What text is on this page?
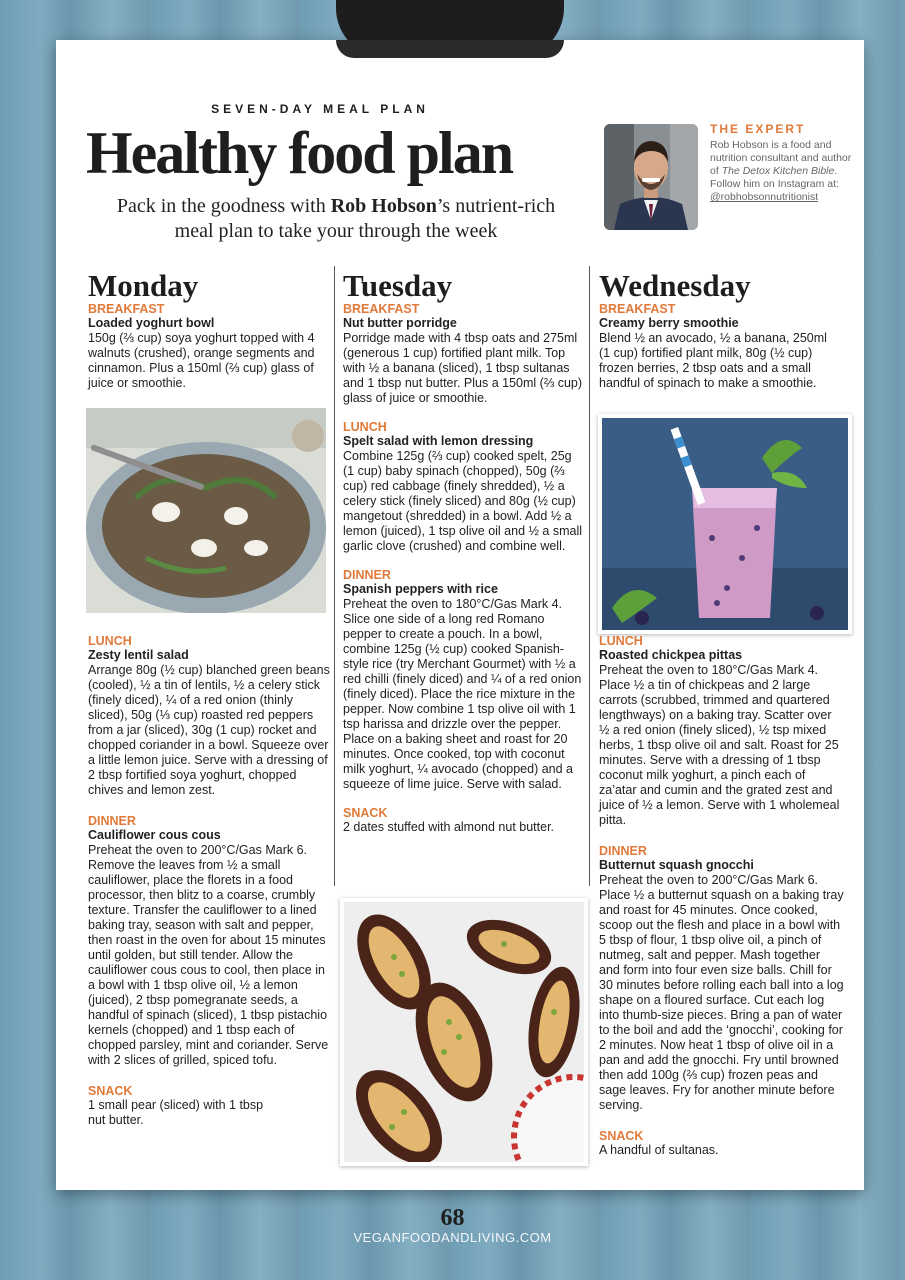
SEVEN-DAY MEAL PLAN
Healthy food plan
Pack in the goodness with Rob Hobson’s nutrient-rich meal plan to take your through the week
THE EXPERT
Rob Hobson is a food and nutrition consultant and author of The Detox Kitchen Bible. Follow him on Instagram at:
@robhobsonnutritionist
Monday
BREAKFAST
Loaded yoghurt bowl
150g (⅔ cup) soya yoghurt topped with 4 walnuts (crushed), orange segments and cinnamon. Plus a 150ml (⅔ cup) glass of juice or smoothie.
LUNCH
Zesty lentil salad
Arrange 80g (½ cup) blanched green beans (cooled), ½ a tin of lentils, ½ a celery stick (finely diced), ¼ of a red onion (thinly sliced), 50g (⅓ cup) roasted red peppers from a jar (sliced), 30g (1 cup) rocket and chopped coriander in a bowl. Squeeze over a little lemon juice. Serve with a dressing of 2 tbsp fortified soya yoghurt, chopped chives and lemon zest.
DINNER
Cauliflower cous cous
Preheat the oven to 200°C/Gas Mark 6. Remove the leaves from ½ a small cauliflower, place the florets in a food processor, then blitz to a coarse, crumbly texture. Transfer the cauliflower to a lined baking tray, season with salt and pepper, then roast in the oven for about 15 minutes until golden, but still tender. Allow the cauliflower cous cous to cool, then place in a bowl with 1 tbsp olive oil, ½ a lemon (juiced), 2 tbsp pomegranate seeds, a handful of spinach (sliced), 1 tbsp pistachio kernels (chopped) and 1 tbsp each of chopped parsley, mint and coriander. Serve with 2 slices of grilled, spiced tofu.
SNACK
1 small pear (sliced) with 1 tbsp nut butter.
Tuesday
BREAKFAST
Nut butter porridge
Porridge made with 4 tbsp oats and 275ml (generous 1 cup) fortified plant milk. Top with ½ a banana (sliced), 1 tbsp sultanas and 1 tbsp nut butter. Plus a 150ml (⅔ cup) glass of juice or smoothie.
LUNCH
Spelt salad with lemon dressing
Combine 125g (⅔ cup) cooked spelt, 25g (1 cup) baby spinach (chopped), 50g (⅔ cup) red cabbage (finely shredded), ½ a celery stick (finely sliced) and 80g (½ cup) mangetout (shredded) in a bowl. Add ½ a lemon (juiced), 1 tsp olive oil and ½ a small garlic clove (crushed) and combine well.
DINNER
Spanish peppers with rice
Preheat the oven to 180°C/Gas Mark 4. Slice one side of a long red Romano pepper to create a pouch. In a bowl, combine 125g (½ cup) cooked Spanish-style rice (try Merchant Gourmet) with ½ a red chilli (finely diced) and ¼ of a red onion (finely diced). Place the rice mixture in the pepper. Now combine 1 tsp olive oil with 1 tsp harissa and drizzle over the pepper. Place on a baking sheet and roast for 20 minutes. Once cooked, top with coconut milk yoghurt, ¼ avocado (chopped) and a squeeze of lime juice. Serve with salad.
SNACK
2 dates stuffed with almond nut butter.
Wednesday
BREAKFAST
Creamy berry smoothie
Blend ½ an avocado, ½ a banana, 250ml (1 cup) fortified plant milk, 80g (½ cup) frozen berries, 2 tbsp oats and a small handful of spinach to make a smoothie.
LUNCH
Roasted chickpea pittas
Preheat the oven to 180°C/Gas Mark 4. Place ½ a tin of chickpeas and 2 large carrots (scrubbed, trimmed and quartered lengthways) on a baking tray. Scatter over ½ a red onion (finely sliced), ½ tsp mixed herbs, 1 tbsp olive oil and salt. Roast for 25 minutes. Serve with a dressing of 1 tbsp coconut milk yoghurt, a pinch each of za’atar and cumin and the grated zest and juice of ½ a lemon. Serve with 1 wholemeal pitta.
DINNER
Butternut squash gnocchi
Preheat the oven to 200°C/Gas Mark 6. Place ½ a butternut squash on a baking tray and roast for 45 minutes. Once cooked, scoop out the flesh and place in a bowl with 5 tbsp of flour, 1 tbsp olive oil, a pinch of nutmeg, salt and pepper. Mash together and form into four even size balls. Chill for 30 minutes before rolling each ball into a log shape on a floured surface. Cut each log into thumb-size pieces. Bring a pan of water to the boil and add the ‘gnocchi’, cooking for 2 minutes. Now heat 1 tbsp of olive oil in a pan and add the gnocchi. Fry until browned then add 100g (⅔ cup) frozen peas and sage leaves. Fry for another minute before serving.
SNACK
A handful of sultanas.
68
VEGANFOODANDLIVING.COM
